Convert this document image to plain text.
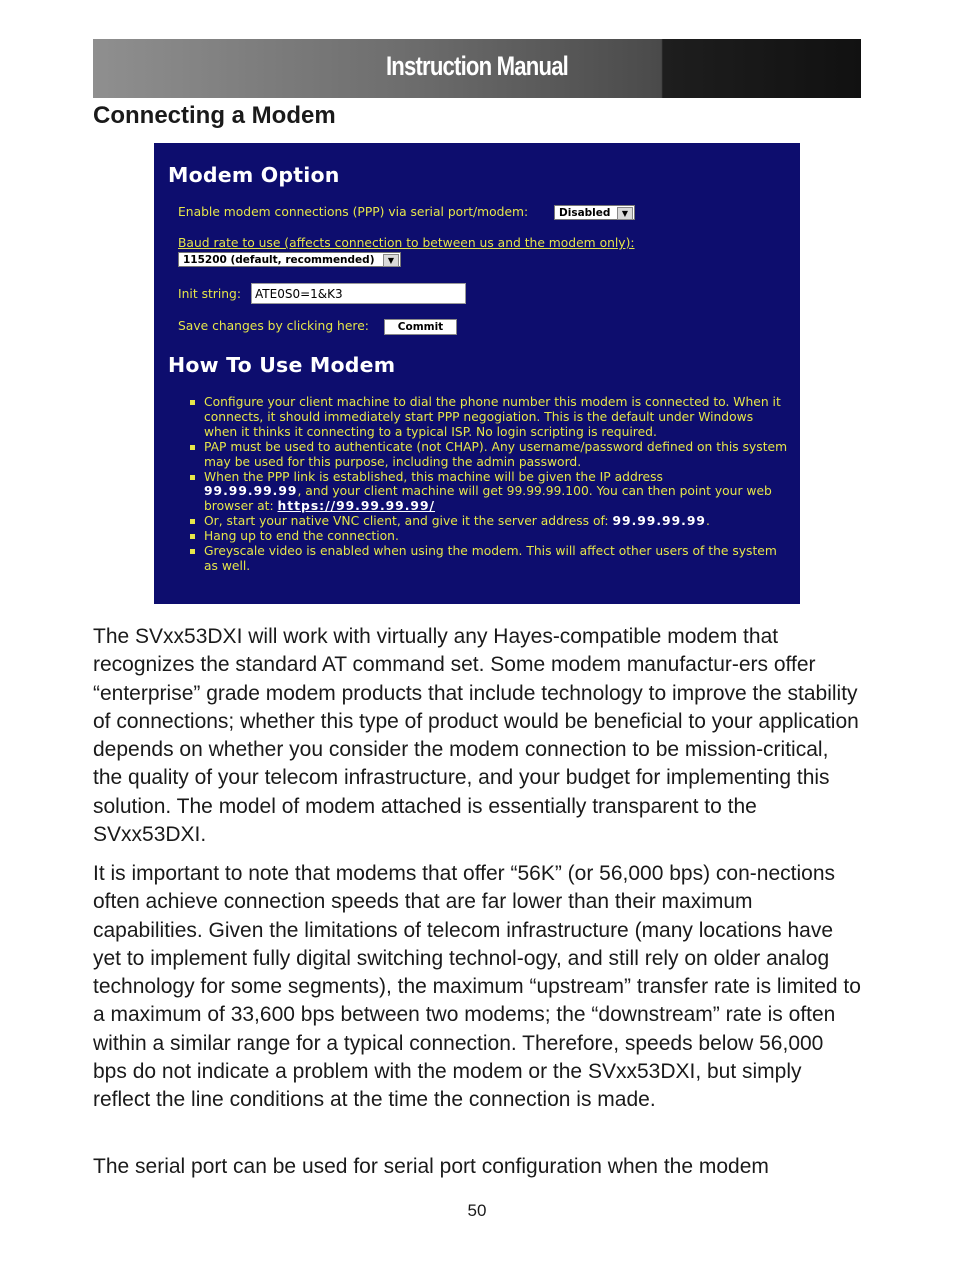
Instruction Manual
Connecting a Modem
Modem Option
Enable modem connections (PPP) via serial port/modem:	Disabled	▼
Baud rate to use (affects connection to between us and the modem only):
115200 (default, recommended)	▼
Init string:
ATE0S0=1&K3
Save changes by clicking here:	Commit
How To Use Modem
Configure your client machine to dial the phone number this modem is connected to. When it connects, it should immediately start PPP negogiation. This is the default under Windows when it thinks it connecting to a typical ISP. No login scripting is required.
PAP must be used to authenticate (not CHAP). Any username/password defined on this system may be used for this purpose, including the admin password.
When the PPP link is established, this machine will be given the IP address
99.99.99.99, and your client machine will get 99.99.99.100. You can then point your web browser at: https://99.99.99.99/
Or, start your native VNC client, and give it the server address of: 99.99.99.99.
Hang up to end the connection.
Greyscale video is enabled when using the modem. This will affect other users of the system as well.

The SVxx53DXI will work with virtually any Hayes-compatible modem that recognizes the standard AT command set. Some modem manufactur-ers offer “enterprise” grade modem products that include technology to improve the stability of connections; whether this type of product would be beneficial to your application depends on whether you consider the modem connection to be mission-critical, the quality of your telecom infrastructure, and your budget for implementing this solution. The model of modem attached is essentially transparent to the SVxx53DXI.

It is important to note that modems that offer “56K” (or 56,000 bps) con-nections often achieve connection speeds that are far lower than their maximum capabilities. Given the limitations of telecom infrastructure (many locations have yet to implement fully digital switching technol-ogy, and still rely on older analog technology for some segments), the maximum “upstream” transfer rate is limited to a maximum of 33,600 bps between two modems; the “downstream” rate is often within a similar range for a typical connection. Therefore, speeds below 56,000 bps do not indicate a problem with the modem or the SVxx53DXI, but simply reflect the line conditions at the time the connection is made.

The serial port can be used for serial port configuration when the modem

50
